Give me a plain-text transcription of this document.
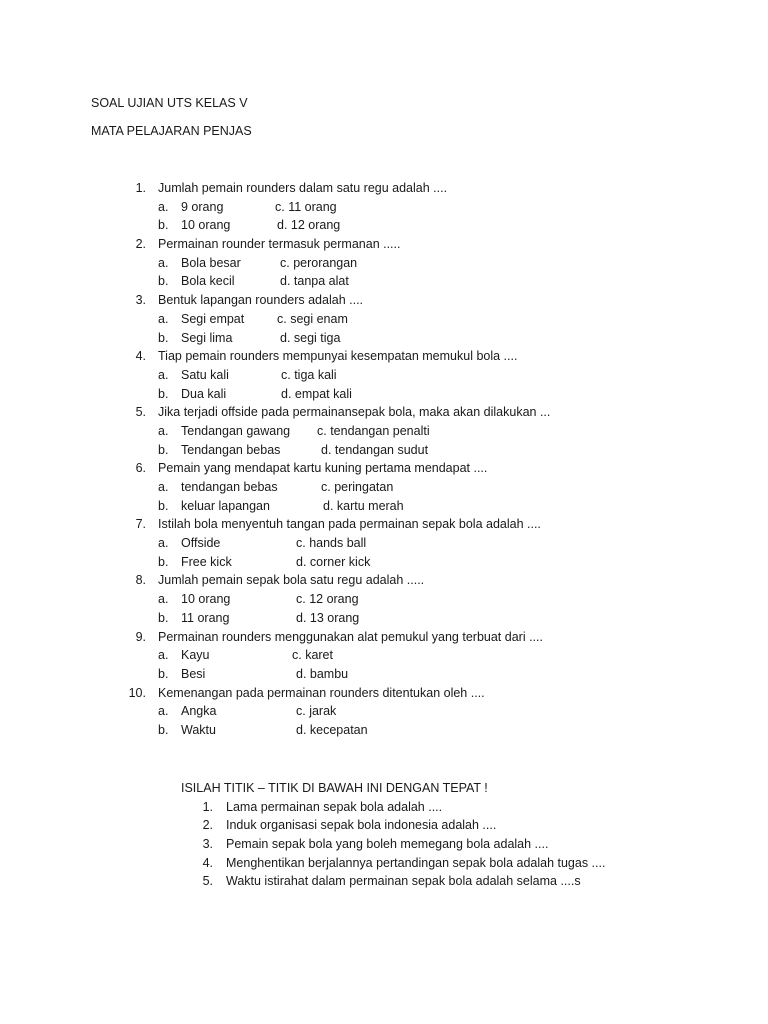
SOAL UJIAN UTS KELAS V
MATA PELAJARAN PENJAS
1. Jumlah pemain rounders dalam satu regu adalah ....
a. 9 orang	c. 11 orang
b. 10 orang	d. 12 orang
2. Permainan rounder termasuk permanan .....
a. Bola besar	c. perorangan
b. Bola kecil	d. tanpa alat
3. Bentuk lapangan rounders adalah ....
a. Segi empat	c. segi enam
b. Segi lima	d. segi tiga
4. Tiap pemain rounders mempunyai kesempatan memukul bola ....
a. Satu kali	c. tiga kali
b. Dua kali	d. empat kali
5. Jika terjadi offside pada permainansepak bola, maka akan dilakukan ...
a. Tendangan gawang c. tendangan penalti
b. Tendangan bebas	d. tendangan sudut
6. Pemain yang mendapat kartu kuning pertama mendapat ....
a. tendangan bebas	c. peringatan
b. keluar lapangan	d. kartu merah
7. Istilah bola menyentuh tangan pada permainan sepak bola adalah ....
a. Offside	c. hands ball
b. Free kick	d. corner kick
8. Jumlah pemain sepak bola satu regu adalah .....
a. 10 orang	c. 12 orang
b. 11 orang	d. 13 orang
9. Permainan rounders menggunakan alat pemukul yang terbuat dari ....
a. Kayu	c. karet
b. Besi	d. bambu
10. Kemenangan pada permainan rounders ditentukan oleh ....
a. Angka	c. jarak
b. Waktu	d. kecepatan
ISILAH TITIK – TITIK DI BAWAH INI DENGAN TEPAT !
1. Lama permainan sepak bola adalah ....
2. Induk organisasi sepak bola indonesia adalah ....
3. Pemain sepak bola yang boleh memegang bola adalah ....
4. Menghentikan berjalannya pertandingan sepak bola adalah tugas ....
5. Waktu istirahat dalam permainan sepak bola adalah selama ....s
